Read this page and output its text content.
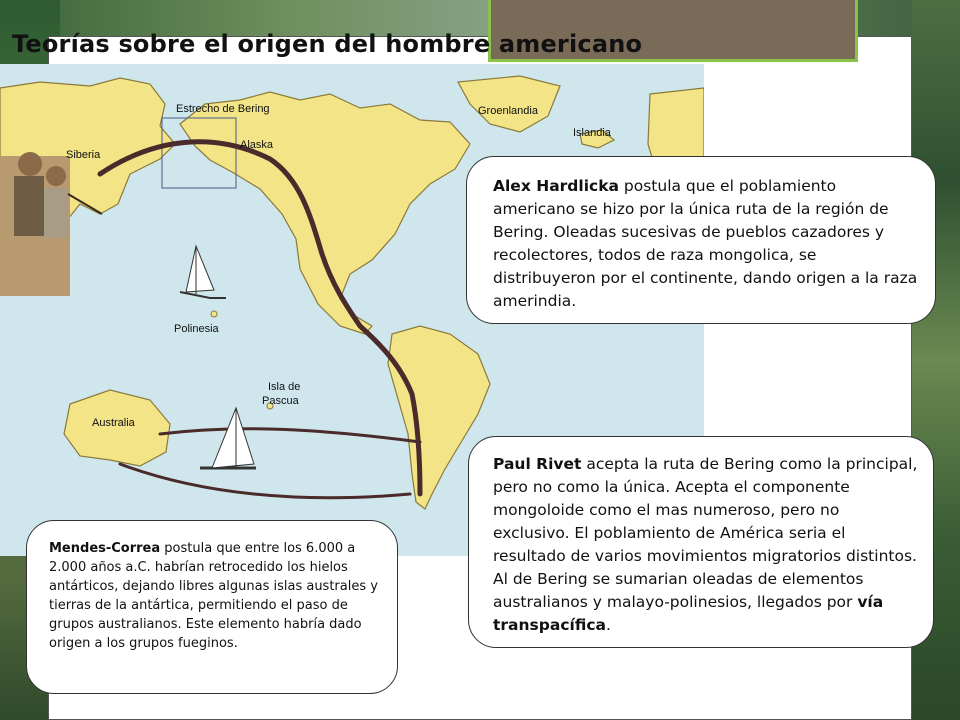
Teorías sobre el origen del hombre americano
Estrecho de Bering	Groenlandia
Islandia
Siberia
Alaska
Polinesia
Isla de
Pascua
Australia
Alex Hardlicka postula que el poblamiento americano se hizo por la única ruta de la región de Bering. Oleadas sucesivas de pueblos cazadores y recolectores, todos de raza mongolica, se distribuyeron por el continente, dando origen a la raza amerindia.
Paul Rivet acepta la ruta de Bering como la principal, pero no como la única. Acepta el componente mongoloide como el mas numeroso, pero no exclusivo. El poblamiento de América seria el resultado de varios movimientos migratorios distintos. Al de Bering se sumarian oleadas de elementos australianos y malayo-polinesios, llegados por vía transpacífica.
Mendes-Correa postula que entre los 6.000 a 2.000 años a.C. habrían retrocedido los hielos antárticos, dejando libres algunas islas australes y tierras de la antártica, permitiendo el paso de grupos australianos. Este elemento habría dado origen a los grupos fueginos.
